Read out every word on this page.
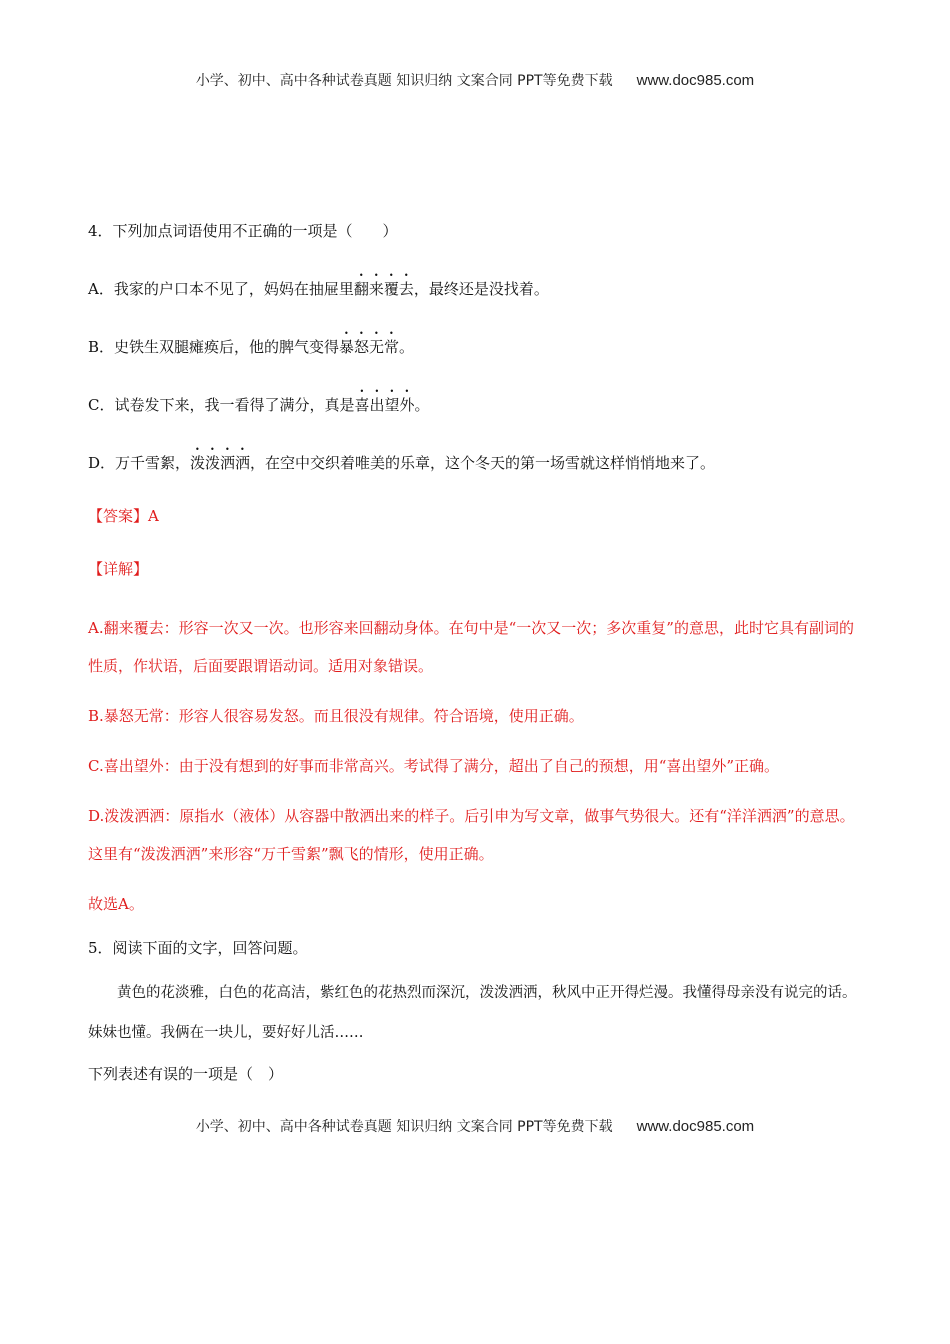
小学、初中、高中各种试卷真题 知识归纳 文案合同 PPT等免费下载 www.doc985.com
4．下列加点词语使用不正确的一项是（　　）
A．我家的户口本不见了，妈妈在抽屉里翻来覆去，最终还是没找着。
B．史铁生双腿瘫痪后，他的脾气变得暴怒无常。
C．试卷发下来，我一看得了满分，真是喜出望外。
D．万千雪絮，泼泼洒洒，在空中交织着唯美的乐章，这个冬天的第一场雪就这样悄悄地来了。
【答案】A
【详解】
A.翻来覆去：形容一次又一次。也形容来回翻动身体。在句中是“一次又一次；多次重复”的意思，此时它具有副词的性质，作状语，后面要跟谓语动词。适用对象错误。
B.暴怒无常：形容人很容易发怒。而且很没有规律。符合语境，使用正确。
C.喜出望外：由于没有想到的好事而非常高兴。考试得了满分，超出了自己的预想，用“喜出望外”正确。
D.泼泼洒洒：原指水（液体）从容器中散洒出来的样子。后引申为写文章，做事气势很大。还有“洋洋洒洒”的意思。这里有“泼泼洒洒”来形容“万千雪絮”飘飞的情形，使用正确。
故选A。
5．阅读下面的文字，回答问题。
黄色的花淡雅，白色的花高洁，紫红色的花热烈而深沉，泼泼洒洒，秋风中正开得烂漫。我懂得母亲没有说完的话。妹妹也懂。我俩在一块儿，要好好儿活……
下列表述有误的一项是（　）
小学、初中、高中各种试卷真题 知识归纳 文案合同 PPT等免费下载 www.doc985.com
